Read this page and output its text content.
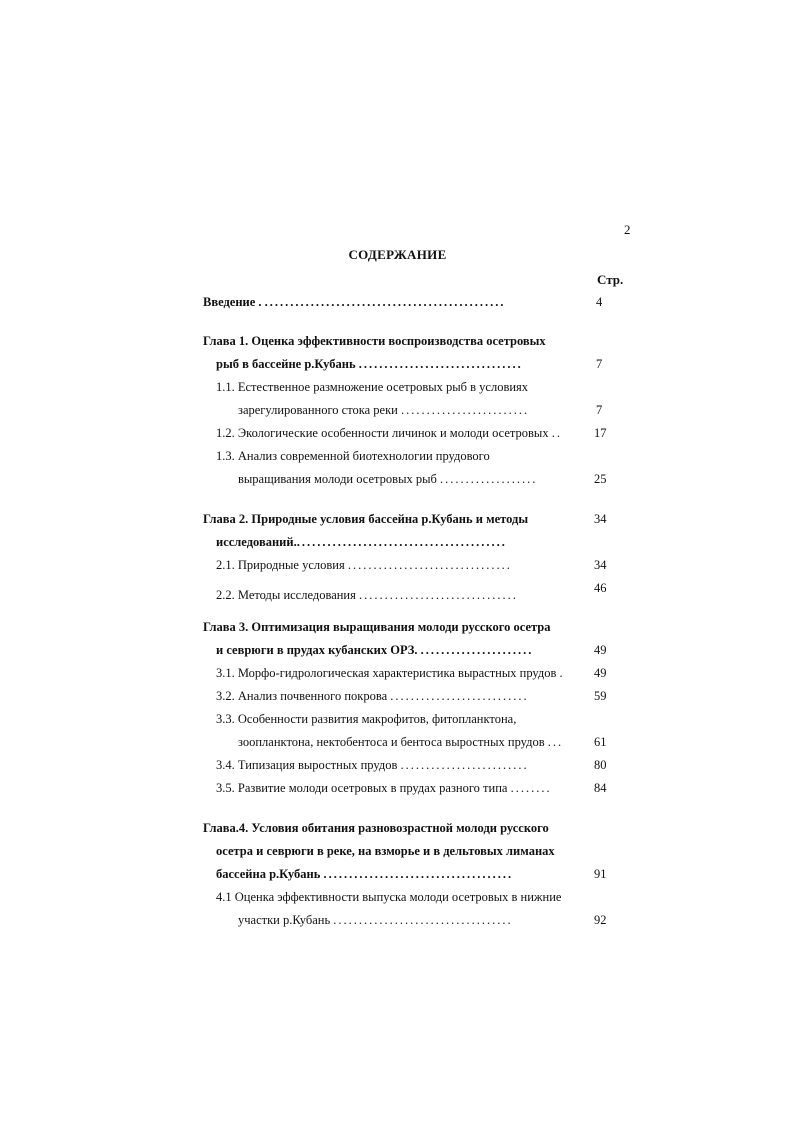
2
СОДЕРЖАНИЕ
Стр.
Введение . ...............................................	4
Глава 1. Оценка эффективности воспроизводства осетровых
рыб в бассейне р.Кубань ................................	7
1.1. Естественное размножение осетровых рыб в условиях
зарегулированного стока реки .........................	7
1.2. Экологические особенности личинок и молоди осетровых ..	17
1.3. Анализ современной биотехнологии прудового
выращивания молоди осетровых рыб ...................	25
Глава 2. Природные условия бассейна р.Кубань и методы	34
исследований..........................................
2.1. Природные условия ................................	34
2.2. Методы исследования ...............................	46
Глава 3. Оптимизация выращивания молоди русского осетра
и севрюги в прудах кубанских ОРЗ. ......................	49
3.1. Морфо-гидрологическая характеристика вырастных прудов . 49
3.2. Анализ почвенного покрова ...........................	59
3.3. Особенности развития макрофитов, фитопланктона,
зоопланктона, нектобентоса и бентоса выростных прудов ... 61
3.4. Типизация выростных прудов .........................	80
3.5. Развитие молоди осетровых в прудах разного типа ........	84
Глава.4. Условия обитания разновозрастной молоди русского
осетра и севрюги в реке, на взморье и в дельтовых лиманах
бассейна р.Кубань .....................................	91
4.1 Оценка эффективности выпуска молоди осетровых в нижние
участки р.Кубань ...................................	92
